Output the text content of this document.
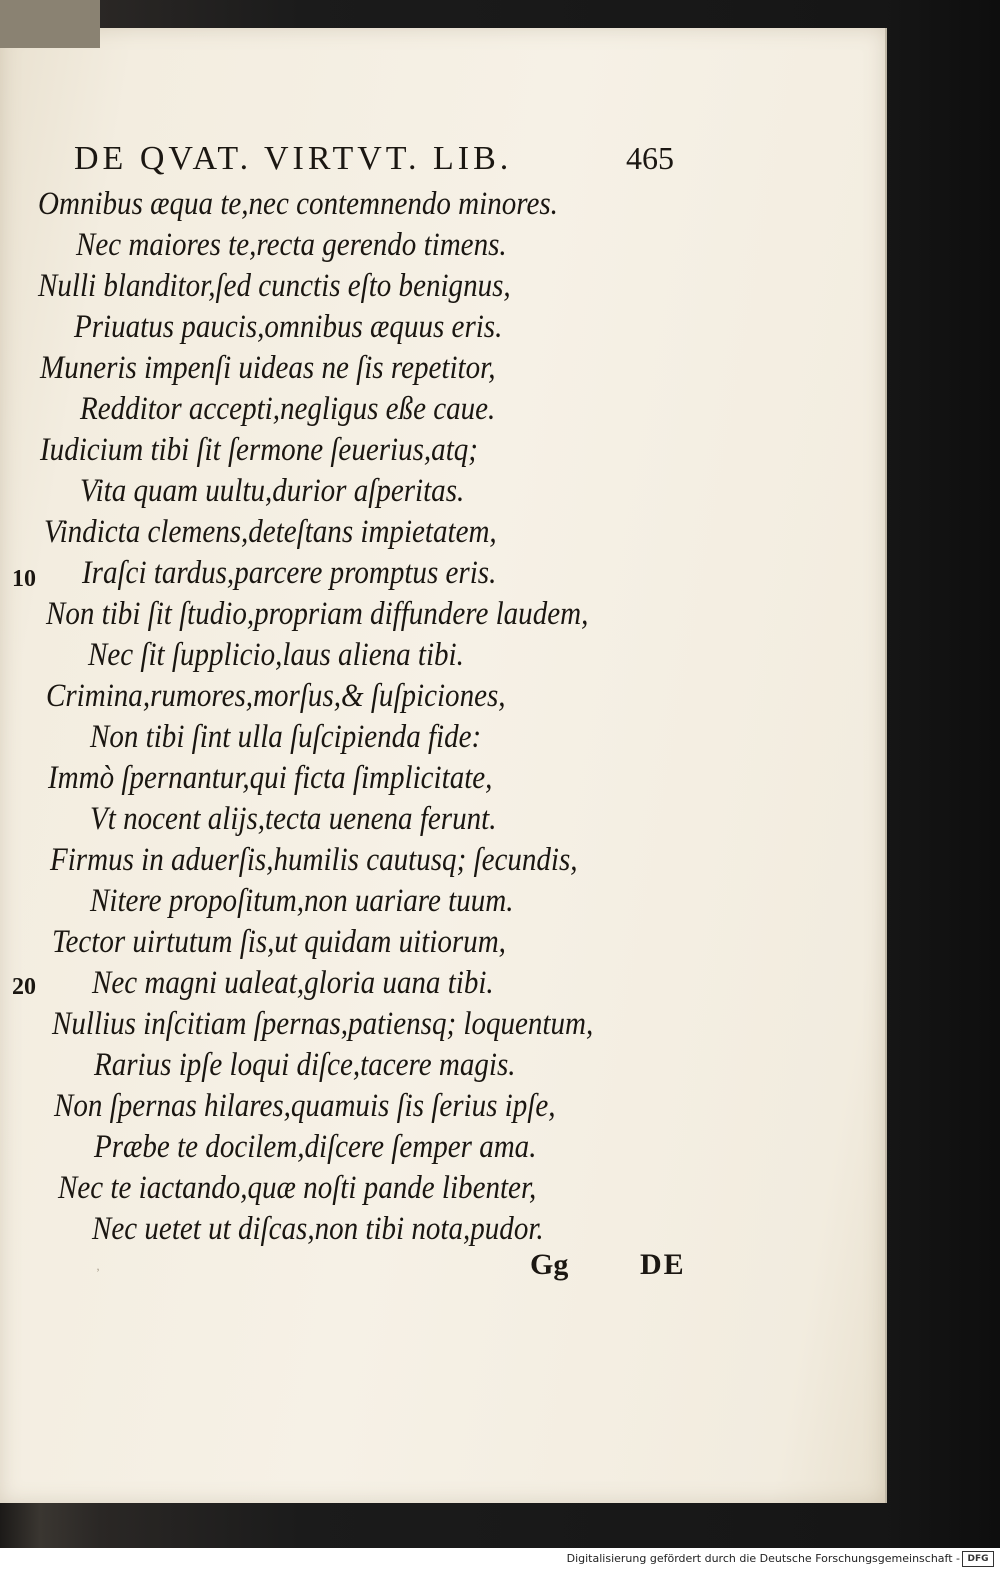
DE QVAT. VIRTVT. LIB.	465
Omnibus æqua te,nec contemnendo minores.
Nec maiores te,recta gerendo timens.
Nulli blanditor,ſed cunctis eſto benignus,
Priuatus paucis,omnibus æquus eris.
Muneris impenſi uideas ne ſis repetitor,
Redditor accepti,negligus eße caue.
Iudicium tibi ſit ſermone ſeuerius,atq;
Vita quam uultu,durior aſperitas.
Vindicta clemens,deteſtans impietatem,
Iraſci tardus,parcere promptus eris.
Non tibi ſit ſtudio,propriam diffundere laudem,
Nec ſit ſupplicio,laus aliena tibi.
Crimina,rumores,morſus,& ſuſpiciones,
Non tibi ſint ulla ſuſcipienda fide:
Immò ſpernantur,qui ficta ſimplicitate,
Vt nocent alijs,tecta uenena ferunt.
Firmus in aduerſis,humilis cautusq; ſecundis,
Nitere propoſitum,non uariare tuum.
Tector uirtutum ſis,ut quidam uitiorum,
Nec magni ualeat,gloria uana tibi.
Nullius inſcitiam ſpernas,patiensq; loquentum,
Rarius ipſe loqui diſce,tacere magis.
Non ſpernas hilares,quamuis ſis ſerius ipſe,
Præbe te docilem,diſcere ſemper ama.
Nec te iactando,quæ noſti pande libenter,
Nec uetet ut diſcas,non tibi nota,pudor.
10
20
᾿	Gg DE
Digitalisierung gefördert durch die Deutsche Forschungsgemeinschaft - DFG
